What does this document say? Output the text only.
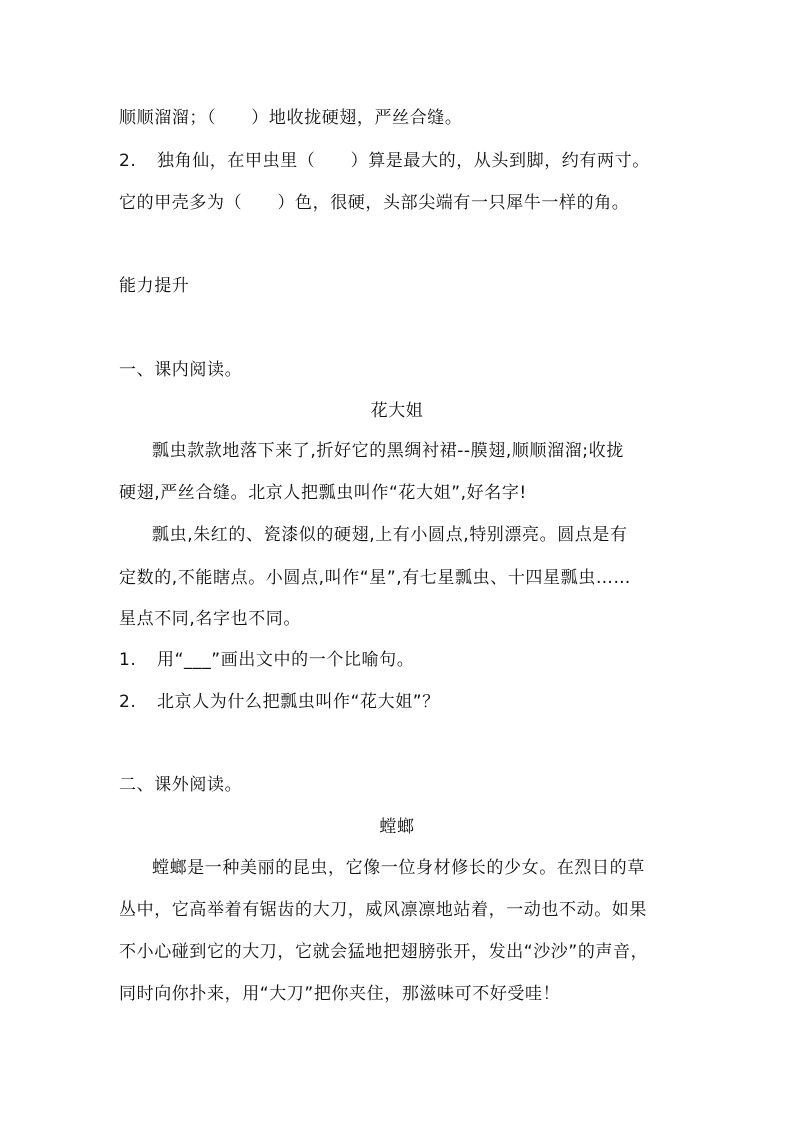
顺顺溜溜；（　　）地收拢硬翅，严丝合缝。
2. 独角仙，在甲虫里（　　）算是最大的，从头到脚，约有两寸。
它的甲壳多为（　　）色，很硬，头部尖端有一只犀牛一样的角。
能力提升
一、课内阅读。
花大姐
瓢虫款款地落下来了,折好它的黑绸衬裙--膜翅,顺顺溜溜;收拢
硬翅,严丝合缝。北京人把瓢虫叫作“花大姐”,好名字!
瓢虫,朱红的、瓷漆似的硬翅,上有小圆点,特别漂亮。圆点是有
定数的,不能瞎点。小圆点,叫作“星”,有七星瓢虫、十四星瓢虫……
星点不同,名字也不同。
1. 用“___”画出文中的一个比喻句。
2. 北京人为什么把瓢虫叫作“花大姐”？
二、课外阅读。
螳螂
螳螂是一种美丽的昆虫，它像一位身材修长的少女。在烈日的草
丛中，它高举着有锯齿的大刀，威风凛凛地站着，一动也不动。如果
不小心碰到它的大刀，它就会猛地把翅膀张开，发出“沙沙”的声音，
同时向你扑来，用“大刀”把你夹住，那滋味可不好受哇！
